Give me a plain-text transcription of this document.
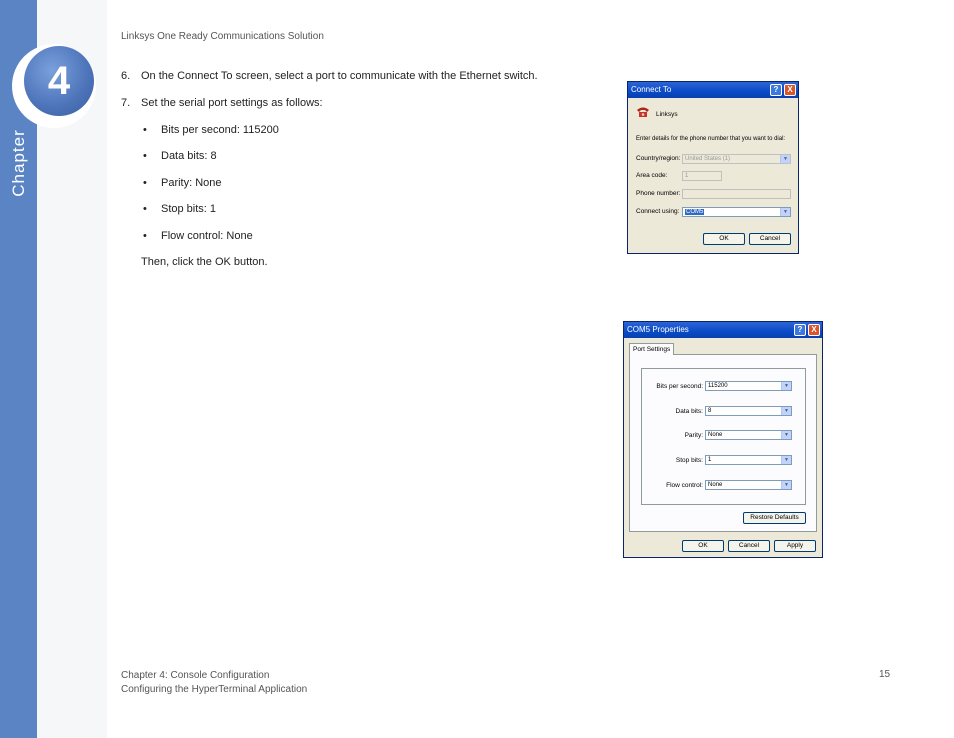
4
Chapter
Linksys One Ready Communications Solution
6. On the Connect To screen, select a port to communicate with the Ethernet switch.
7. Set the serial port settings as follows:
• Bits per second: 115200
• Data bits: 8
• Parity: None
• Stop bits: 1
• Flow control: None
Then, click the OK button.
Connect To	?	X
Linksys
Enter details for the phone number that you want to dial:
Country/region: United States (1)	▼
Area code:	1
Phone number:
Connect using:	COM5	▼
OK	Cancel
COM5 Properties	?	X
Port Settings
Bits per second: 115200	▼
Data bits: 8	▼
Parity: None	▼
Stop bits: 1	▼
Flow control: None	▼
Restore Defaults
OK	Cancel	Apply
Chapter 4: Console Configuration
Configuring the HyperTerminal Application
15
